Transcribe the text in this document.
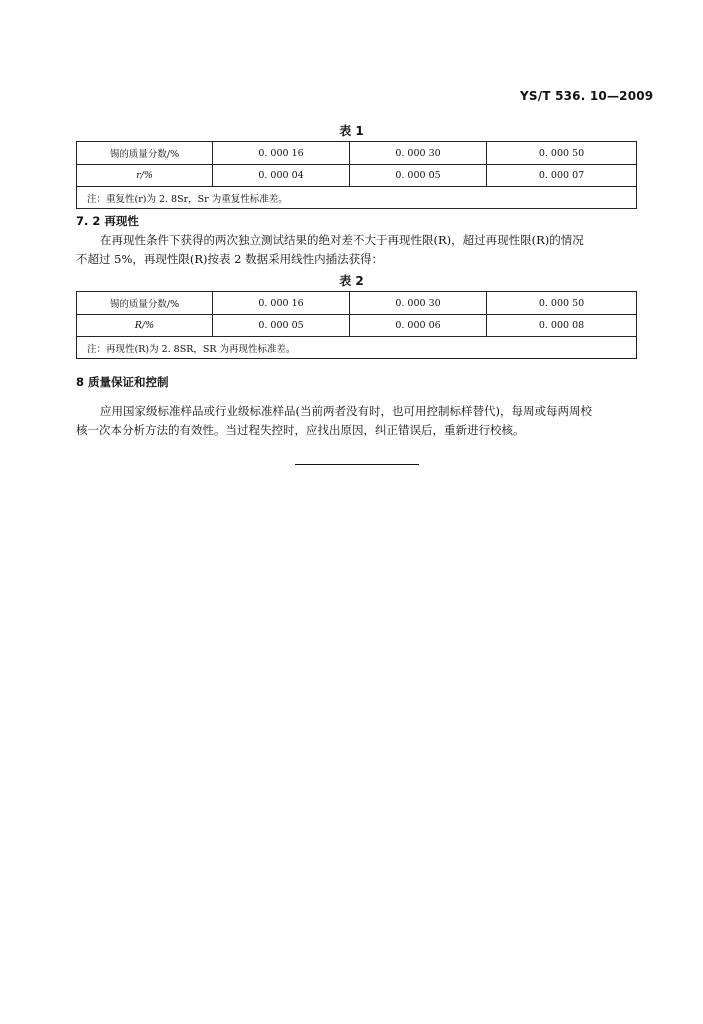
YS/T 536. 10—2009
表 1
锡的质量分数/%	0. 000 16	0. 000 30	0. 000 50
r/%	0. 000 04	0. 000 05	0. 000 07
注：重复性(r)为 2. 8Sr，Sr 为重复性标准差。			
7. 2 再现性
在再现性条件下获得的两次独立测试结果的绝对差不大于再现性限(R)，超过再现性限(R)的情况
不超过 5%，再现性限(R)按表 2 数据采用线性内插法获得：
表 2
锡的质量分数/%	0. 000 16	0. 000 30	0. 000 50
R/%	0. 000 05	0. 000 06	0. 000 08
注：再现性(R)为 2. 8SR，SR 为再现性标准差。			
8 质量保证和控制
应用国家级标准样品或行业级标准样品(当前两者没有时，也可用控制标样替代)，每周或每两周校
核一次本分析方法的有效性。当过程失控时，应找出原因，纠正错误后，重新进行校核。
